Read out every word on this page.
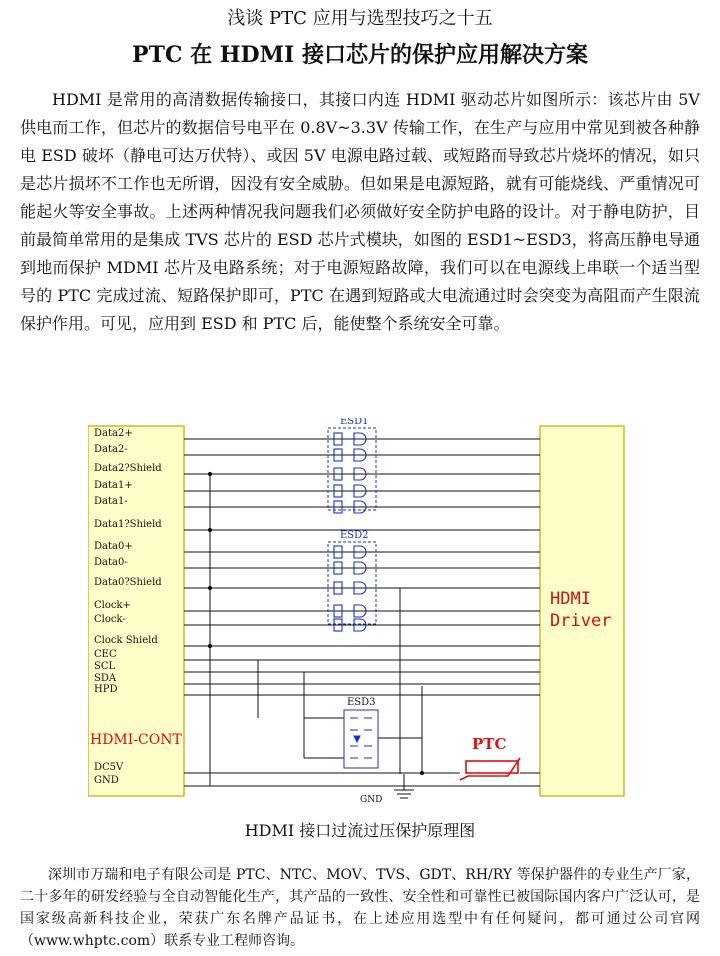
浅谈 PTC 应用与选型技巧之十五
PTC 在 HDMI 接口芯片的保护应用解决方案

HDMI 是常用的高清数据传输接口，其接口内连 HDMI 驱动芯片如图所示：该芯片由 5V 供电而工作，但芯片的数据信号电平在 0.8V~3.3V 传输工作，在生产与应用中常见到被各种静电 ESD 破坏（静电可达万伏特）、或因 5V 电源电路过载、或短路而导致芯片烧坏的情况，如只是芯片损坏不工作也无所谓，因没有安全威胁。但如果是电源短路，就有可能烧线、严重情况可能起火等安全事故。上述两种情况我问题我们必须做好安全防护电路的设计。对于静电防护，目前最简单常用的是集成 TVS 芯片的 ESD 芯片式模块，如图的 ESD1~ESD3，将高压静电导通到地而保护 MDMI 芯片及电路系统；对于电源短路故障，我们可以在电源线上串联一个适当型号的 PTC 完成过流、短路保护即可，PTC 在遇到短路或大电流通过时会突变为高阻而产生限流保护作用。可见，应用到 ESD 和 PTC 后，能使整个系统安全可靠。

HDMI
Driver
HDMI-CONT
Data2+
Data2-
Data2?Shield
Data1+
Data1-
Data1?Shield
Data0+
Data0-
Data0?Shield
Clock+
Clock-
Clock Shield
CEC
SCL
SDA
HPD
DC5V
GND
ESD1
ESD2
ESD3
PTC
GND
HDMI 接口过流过压保护原理图

深圳市万瑞和电子有限公司是 PTC、NTC、MOV、TVS、GDT、RH/RY 等保护器件的专业生产厂家，二十多年的研发经验与全自动智能化生产，其产品的一致性、安全性和可靠性已被国际国内客户广泛认可，是国家级高新科技企业，荣获广东名牌产品证书，在上述应用选型中有任何疑问，都可通过公司官网（www.whptc.com）联系专业工程师咨询。
